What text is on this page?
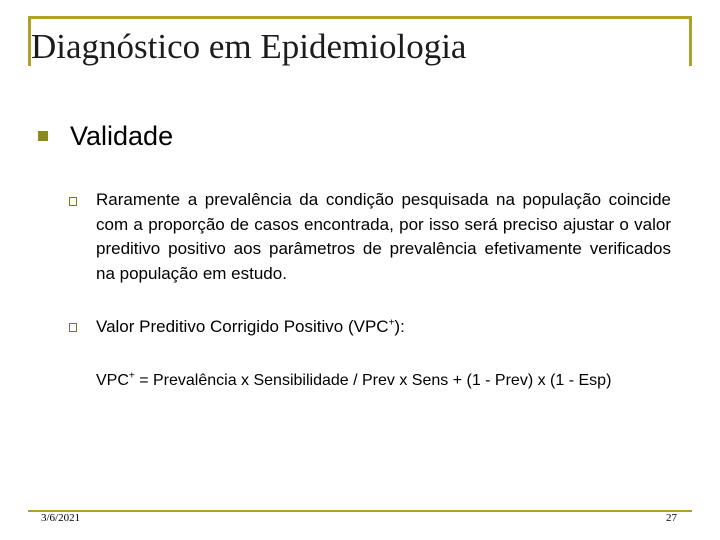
Diagnóstico em Epidemiologia
Validade
Raramente a prevalência da condição pesquisada na população coincide com a proporção de casos encontrada, por isso será preciso ajustar o valor preditivo positivo aos parâmetros de prevalência efetivamente verificados na população em estudo.
Valor Preditivo Corrigido Positivo (VPC+):
VPC+ = Prevalência x Sensibilidade / Prev x Sens + (1 - Prev) x (1 - Esp)
3/6/2021	27
